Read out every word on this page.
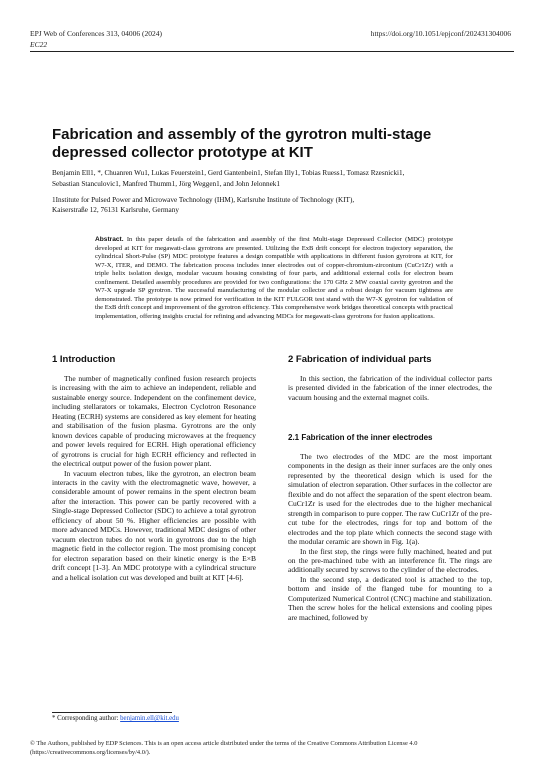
EPJ Web of Conferences 313, 04006 (2024)
EC22
https://doi.org/10.1051/epjconf/202431304006
Fabrication and assembly of the gyrotron multi-stage depressed collector prototype at KIT
Benjamin Ell1, *, Chuanren Wu1, Lukas Feuerstein1, Gerd Gantenbein1, Stefan Illy1, Tobias Ruess1, Tomasz Rzesnicki1,
Sebastian Stanculovic1, Manfred Thumm1, Jörg Weggen1, and John Jelonnek1
1Institute for Pulsed Power and Microwave Technology (IHM), Karlsruhe Institute of Technology (KIT),
Kaiserstraße 12, 76131 Karlsruhe, Germany
Abstract. In this paper details of the fabrication and assembly of the first Multi-stage Depressed Collector (MDC) prototype developed at KIT for megawatt-class gyrotrons are presented. Utilizing the ExB drift concept for electron trajectory separation, the cylindrical Short-Pulse (SP) MDC prototype features a design compatible with applications in different fusion gyrotrons at KIT, for W7-X, ITER, and DEMO. The fabrication process includes inner electrodes out of copper-chromium-zirconium (CuCr1Zr) with a triple helix isolation design, modular vacuum housing consisting of four parts, and additional external coils for electron beam confinement. Detailed assembly procedures are provided for two configurations: the 170 GHz 2 MW coaxial cavity gyrotron and the W7-X upgrade SP gyrotron. The successful manufacturing of the modular collector and a robust design for vacuum tightness are demonstrated. The prototype is now primed for verification in the KIT FULGOR test stand with the W7-X gyrotron for validation of the ExB drift concept and improvement of the gyrotron efficiency. This comprehensive work bridges theoretical concepts with practical implementation, offering insights crucial for refining and advancing MDCs for megawatt-class gyrotrons for fusion applications.
1 Introduction

The number of magnetically confined fusion research projects is increasing with the aim to achieve an independent, reliable and sustainable energy source. Independent on the confinement device, including stellarators or tokamaks, Electron Cyclotron Resonance Heating (ECRH) systems are considered as key element for heating and stabilisation of the fusion plasma. Gyrotrons are the only known devices capable of producing microwaves at the frequency and power levels required for ECRH. High operational efficiency of gyrotrons is crucial for high ECRH efficiency and reflected in the electrical output power of the fusion power plant.

In vacuum electron tubes, like the gyrotron, an electron beam interacts in the cavity with the electromagnetic wave, however, a considerable amount of power remains in the spent electron beam after the interaction. This power can be partly recovered with a Single-stage Depressed Collector (SDC) to achieve a total gyrotron efficiency of about 50 %. Higher efficiencies are possible with more advanced MDCs. However, traditional MDC designs of other vacuum electron tubes do not work in gyrotrons due to the high magnetic field in the collector region. The most promising concept for electron separation based on their kinetic energy is the E×B drift concept [1-3]. An MDC prototype with a cylindrical structure and a helical isolation cut was developed and built at KIT [4-6].

* Corresponding author: benjamin.ell@kit.edu
2 Fabrication of individual parts

In this section, the fabrication of the individual collector parts is presented divided in the fabrication of the inner electrodes, the vacuum housing and the external magnet coils.

2.1 Fabrication of the inner electrodes

The two electrodes of the MDC are the most important components in the design as their inner surfaces are the only ones represented by the theoretical design which is used for the simulation of electron separation. Other surfaces in the collector are flexible and do not affect the separation of the spent electron beam. CuCr1Zr is used for the electrodes due to the higher mechanical strength in comparison to pure copper. The raw CuCr1Zr of the pre-cut tube for the electrodes, rings for top and bottom of the electrodes and the top plate which connects the second stage with the modular ceramic are shown in Fig. 1(a).

In the first step, the rings were fully machined, heated and put on the pre-machined tube with an interference fit. The rings are additionally secured by screws to the cylinder of the electrodes.

In the second step, a dedicated tool is attached to the top, bottom and inside of the flanged tube for mounting to a Computerized Numerical Control (CNC) machine and stabilization. Then the screw holes for the helical extensions and cooling pipes are machined, followed by

© The Authors, published by EDP Sciences. This is an open access article distributed under the terms of the Creative Commons Attribution License 4.0
(https://creativecommons.org/licenses/by/4.0/).
